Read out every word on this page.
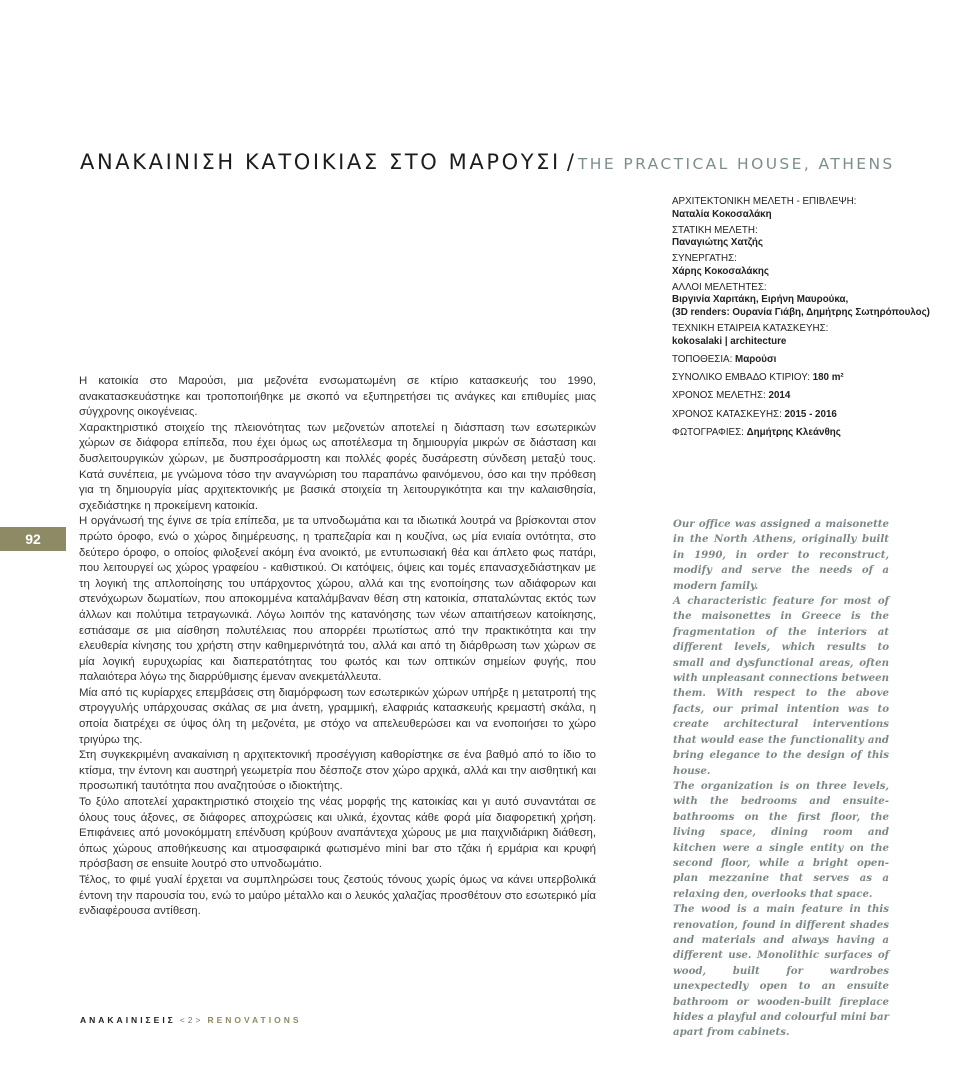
ΑΝΑΚΑΙΝΙΣΗ ΚΑΤΟΙΚΙΑΣ ΣΤΟ ΜΑΡΟΥΣΙ / THE PRACTICAL HOUSE, ATHENS
ΑΡΧΙΤΕΚΤΟΝΙΚΗ ΜΕΛΕΤΗ - ΕΠΙΒΛΕΨΗ:
Ναταλία Κοκοσαλάκη
ΣΤΑΤΙΚΗ ΜΕΛΕΤΗ:
Παναγιώτης Χατζής
ΣΥΝΕΡΓΑΤΗΣ:
Χάρης Κοκοσαλάκης
ΑΛΛΟΙ ΜΕΛΕΤΗΤΕΣ:
Βιργινία Χαριτάκη, Ειρήνη Μαυρούκα,
(3D renders: Ουρανία Γιάβη, Δημήτρης Σωτηρόπουλος)
ΤΕΧΝΙΚΗ ΕΤΑΙΡΕΙΑ ΚΑΤΑΣΚΕΥΗΣ:
kokosalaki | architecture
ΤΟΠΟΘΕΣΙΑ: Μαρούσι
ΣΥΝΟΛΙΚΟ ΕΜΒΑΔΟ ΚΤΙΡΙΟΥ: 180 m²
ΧΡΟΝΟΣ ΜΕΛΕΤΗΣ: 2014
ΧΡΟΝΟΣ ΚΑΤΑΣΚΕΥΗΣ: 2015 - 2016
ΦΩΤΟΓΡΑΦΙΕΣ: Δημήτρης Κλεάνθης
92

Η κατοικία στο Μαρούσι, μια μεζονέτα ενσωματωμένη σε κτίριο κατασκευής του 1990, ανακατασκευάστηκε και τροποποιήθηκε με σκοπό να εξυπηρετήσει τις ανάγκες και επιθυμίες μιας σύγχρονης οικογένειας.

Χαρακτηριστικό στοιχείο της πλειονότητας των μεζονετών αποτελεί η διάσπαση των εσωτερικών χώρων σε διάφορα επίπεδα, που έχει όμως ως αποτέλεσμα τη δημιουργία μικρών σε διάσταση και δυσλειτουργικών χώρων, με δυσπροσάρμοστη και πολλές φορές δυσάρεστη σύνδεση μεταξύ τους. Κατά συνέπεια, με γνώμονα τόσο την αναγνώριση του παραπάνω φαινόμενου, όσο και την πρόθεση για τη δημιουργία μίας αρχιτεκτονικής με βασικά στοιχεία τη λειτουργικότητα και την καλαισθησία, σχεδιάστηκε η προκείμενη κατοικία.

Η οργάνωσή της έγινε σε τρία επίπεδα, με τα υπνοδωμάτια και τα ιδιωτικά λουτρά να βρίσκονται στον πρώτο όροφο, ενώ ο χώρος διημέρευσης, η τραπεζαρία και η κουζίνα, ως μία ενιαία οντότητα, στο δεύτερο όροφο, ο οποίος φιλοξενεί ακόμη ένα ανοικτό, με εντυπωσιακή θέα και άπλετο φως πατάρι, που λειτουργεί ως χώρος γραφείου - καθιστικού. Οι κατόψεις, όψεις και τομές επανασχεδιάστηκαν με τη λογική της απλοποίησης του υπάρχοντος χώρου, αλλά και της ενοποίησης των αδιάφορων και στενόχωρων δωματίων, που αποκομμένα καταλάμβαναν θέση στη κατοικία, σπαταλώντας εκτός των άλλων και πολύτιμα τετραγωνικά. Λόγω λοιπόν της κατανόησης των νέων απαιτήσεων κατοίκησης, εστιάσαμε σε μια αίσθηση πολυτέλειας που απορρέει πρωτίστως από την πρακτικότητα και την ελευθερία κίνησης του χρήστη στην καθημερινότητά του, αλλά και από τη διάρθρωση των χώρων σε μία λογική ευρυχωρίας και διαπερατότητας του φωτός και των οπτικών σημείων φυγής, που παλαιότερα λόγω της διαρρύθμισης έμεναν ανεκμετάλλευτα.

Μία από τις κυρίαρχες επεμβάσεις στη διαμόρφωση των εσωτερικών χώρων υπήρξε η μετατροπή της στρογγυλής υπάρχουσας σκάλας σε μια άνετη, γραμμική, ελαφριάς κατασκευής κρεμαστή σκάλα, η οποία διατρέχει σε ύψος όλη τη μεζονέτα, με στόχο να απελευθερώσει και να ενοποιήσει το χώρο τριγύρω της.

Στη συγκεκριμένη ανακαίνιση η αρχιτεκτονική προσέγγιση καθορίστηκε σε ένα βαθμό από το ίδιο το κτίσμα, την έντονη και αυστηρή γεωμετρία που δέσποζε στον χώρο αρχικά, αλλά και την αισθητική και προσωπική ταυτότητα που αναζητούσε ο ιδιοκτήτης.

Το ξύλο αποτελεί χαρακτηριστικό στοιχείο της νέας μορφής της κατοικίας και γι αυτό συναντάται σε όλους τους άξονες, σε διάφορες αποχρώσεις και υλικά, έχοντας κάθε φορά μία διαφορετική χρήση. Επιφάνειες από μονοκόμματη επένδυση κρύβουν αναπάντεχα χώρους με μια παιχνιδιάρικη διάθεση, όπως χώρους αποθήκευσης και ατμοσφαιρικά φωτισμένο mini bar στο τζάκι ή ερμάρια και κρυφή πρόσβαση σε ensuite λουτρό στο υπνοδωμάτιο.

Τέλος, το φιμέ γυαλί έρχεται να συμπληρώσει τους ζεστούς τόνους χωρίς όμως να κάνει υπερβολικά έντονη την παρουσία του, ενώ το μαύρο μέταλλο και ο λευκός χαλαζίας προσθέτουν στο εσωτερικό μία ενδιαφέρουσα αντίθεση.

Our office was assigned a maisonette in the North Athens, originally built in 1990, in order to reconstruct, modify and serve the needs of a modern family.

A characteristic feature for most of the maisonettes in Greece is the fragmentation of the interiors at different levels, which results to small and dysfunctional areas, often with unpleasant connections between them. With respect to the above facts, our primal intention was to create architectural interventions that would ease the functionality and bring elegance to the design of this house.

The organization is on three levels, with the bedrooms and ensuite-bathrooms on the first floor, the living space, dining room and kitchen were a single entity on the second floor, while a bright open-plan mezzanine that serves as a relaxing den, overlooks that space.

The wood is a main feature in this renovation, found in different shades and materials and always having a different use. Monolithic surfaces of wood, built for wardrobes unexpectedly open to an ensuite bathroom or wooden-built fireplace hides a playful and colourful mini bar apart from cabinets.

ΑΝΑΚΑΙΝΙΣΕΙΣ <2> RENOVATIONS
